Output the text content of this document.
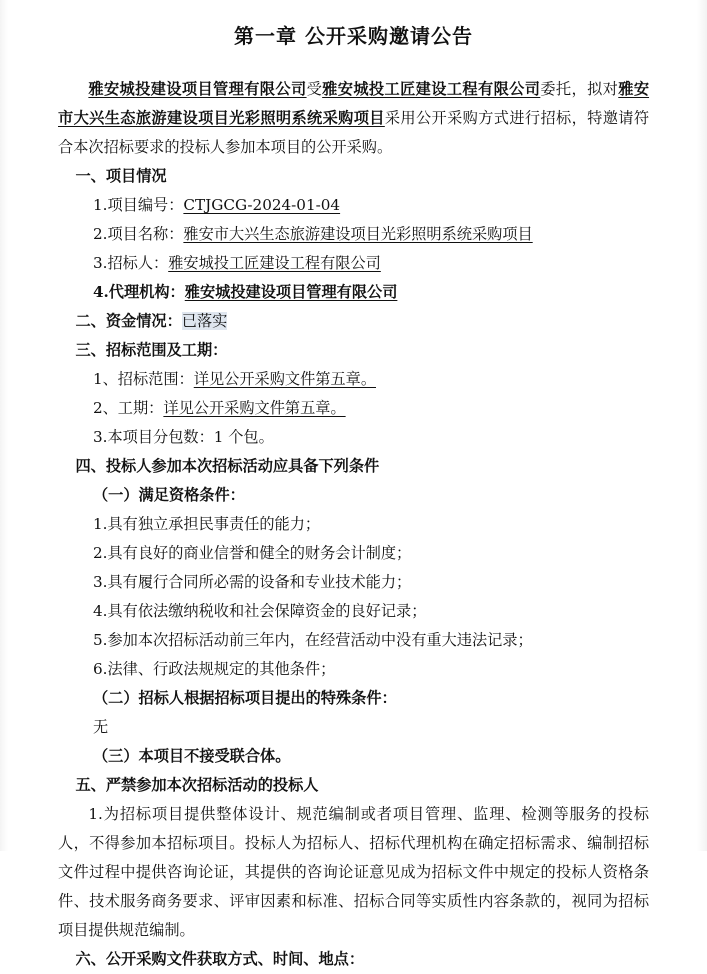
第一章 公开采购邀请公告

雅安城投建设项目管理有限公司受雅安城投工匠建设工程有限公司委托，拟对雅安市大兴生态旅游建设项目光彩照明系统采购项目采用公开采购方式进行招标，特邀请符合本次招标要求的投标人参加本项目的公开采购。

一、项目情况

1.项目编号：CTJGCG-2024-01-04

2.项目名称：雅安市大兴生态旅游建设项目光彩照明系统采购项目

3.招标人：雅安城投工匠建设工程有限公司

4.代理机构：雅安城投建设项目管理有限公司

二、资金情况：已落实

三、招标范围及工期：

1、招标范围：详见公开采购文件第五章。

2、工期：详见公开采购文件第五章。

3.本项目分包数：1 个包。

四、投标人参加本次招标活动应具备下列条件

（一）满足资格条件：

1.具有独立承担民事责任的能力；

2.具有良好的商业信誉和健全的财务会计制度；

3.具有履行合同所必需的设备和专业技术能力；

4.具有依法缴纳税收和社会保障资金的良好记录；

5.参加本次招标活动前三年内，在经营活动中没有重大违法记录；

6.法律、行政法规规定的其他条件；

（二）招标人根据招标项目提出的特殊条件：

无

（三）本项目不接受联合体。

五、严禁参加本次招标活动的投标人

1.为招标项目提供整体设计、规范编制或者项目管理、监理、检测等服务的投标人，不得参加本招标项目。投标人为招标人、招标代理机构在确定招标需求、编制招标文件过程中提供咨询论证，其提供的咨询论证意见成为招标文件中规定的投标人资格条件、技术服务商务要求、评审因素和标准、招标合同等实质性内容条款的，视同为招标项目提供规范编制。

六、公开采购文件获取方式、时间、地点：
